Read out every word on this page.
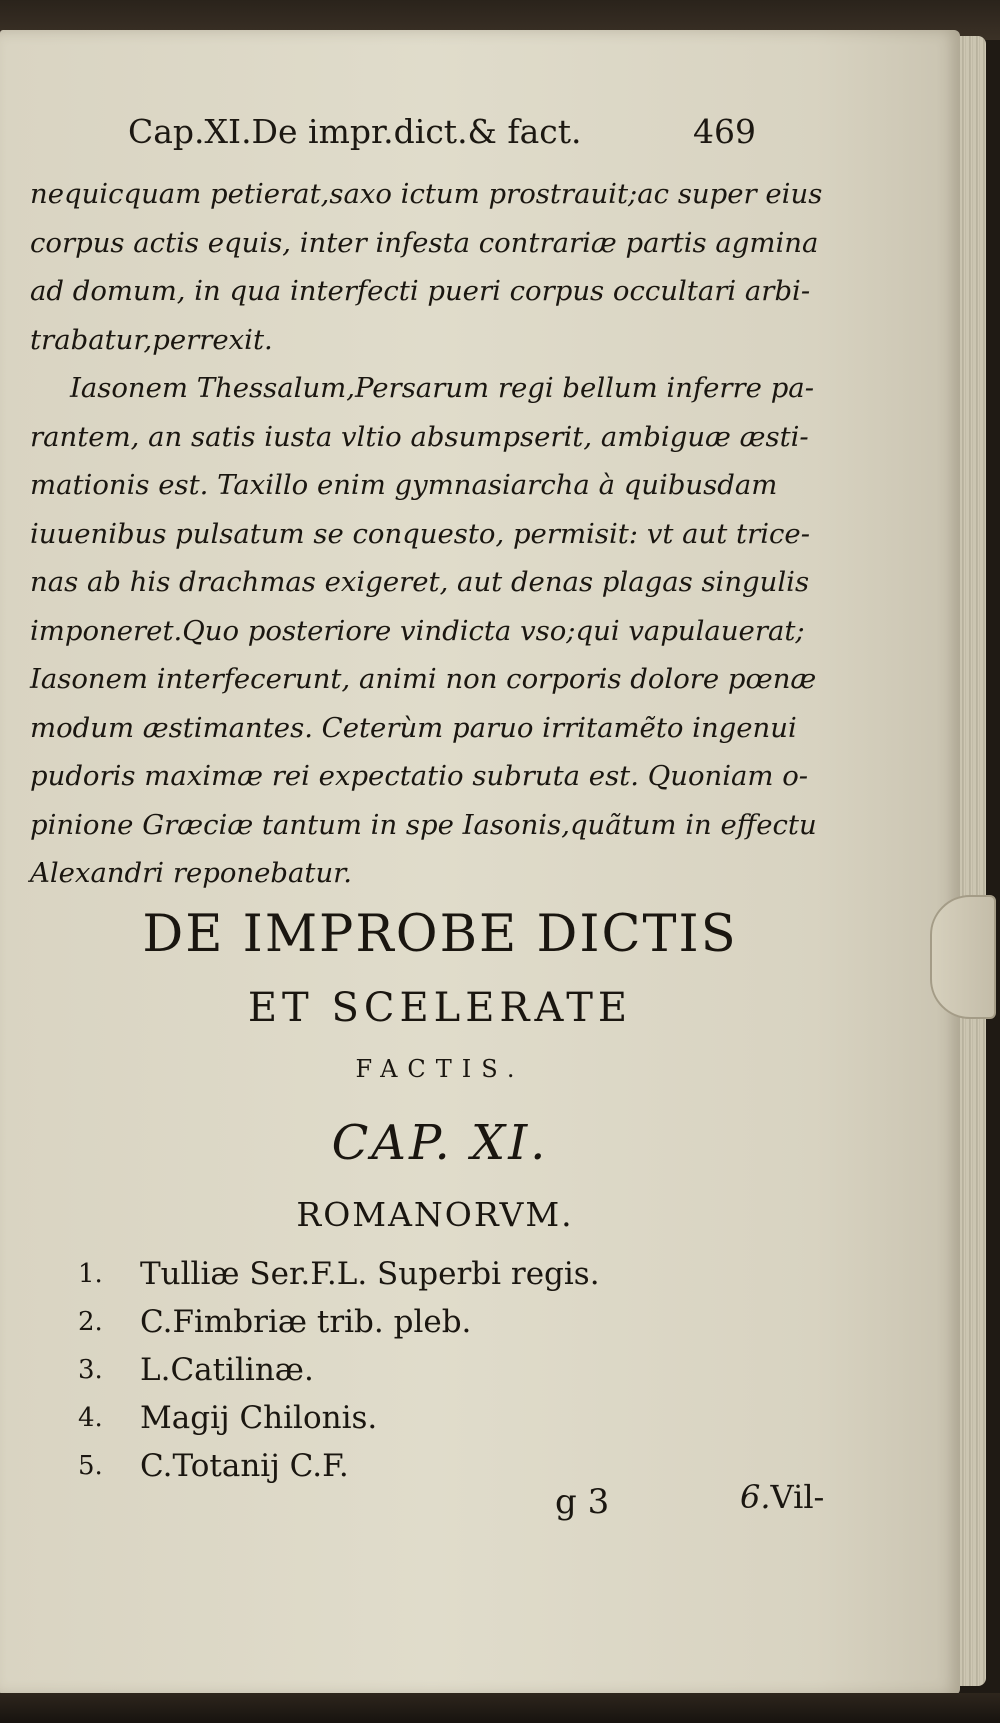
Cap.XI.De impr.dict.& fact.	469
nequicquam petierat,saxo ictum prostrauit;ac super eius
corpus actis equis, inter infesta contrariæ partis agmina
ad domum, in qua interfecti pueri corpus occultari arbi-
trabatur,perrexit.
Iasonem Thessalum,Persarum regi bellum inferre pa-
rantem, an satis iusta vltio absumpserit, ambiguæ æsti-
mationis est. Taxillo enim gymnasiarcha à quibusdam
iuuenibus pulsatum se conquesto, permisit: vt aut trice-
nas ab his drachmas exigeret, aut denas plagas singulis
imponeret.Quo posteriore vindicta vso;qui vapulauerat;
Iasonem interfecerunt, animi non corporis dolore pœnæ
modum æstimantes. Ceterùm paruo irritamẽto ingenui
pudoris maximæ rei expectatio subruta est. Quoniam o-
pinione Græciæ tantum in spe Iasonis,quãtum in effectu
Alexandri reponebatur.
DE IMPROBE DICTIS
ET SCELERATE
FACTIS.
CAP. XI.
ROMANORVM.
1.	Tulliæ Ser.F.L. Superbi regis.
2.	C.Fimbriæ trib. pleb.
3.	L.Catilinæ.
4.	Magij Chilonis.
5.	C.Totanij C.F.
g 3	6.Vil-
